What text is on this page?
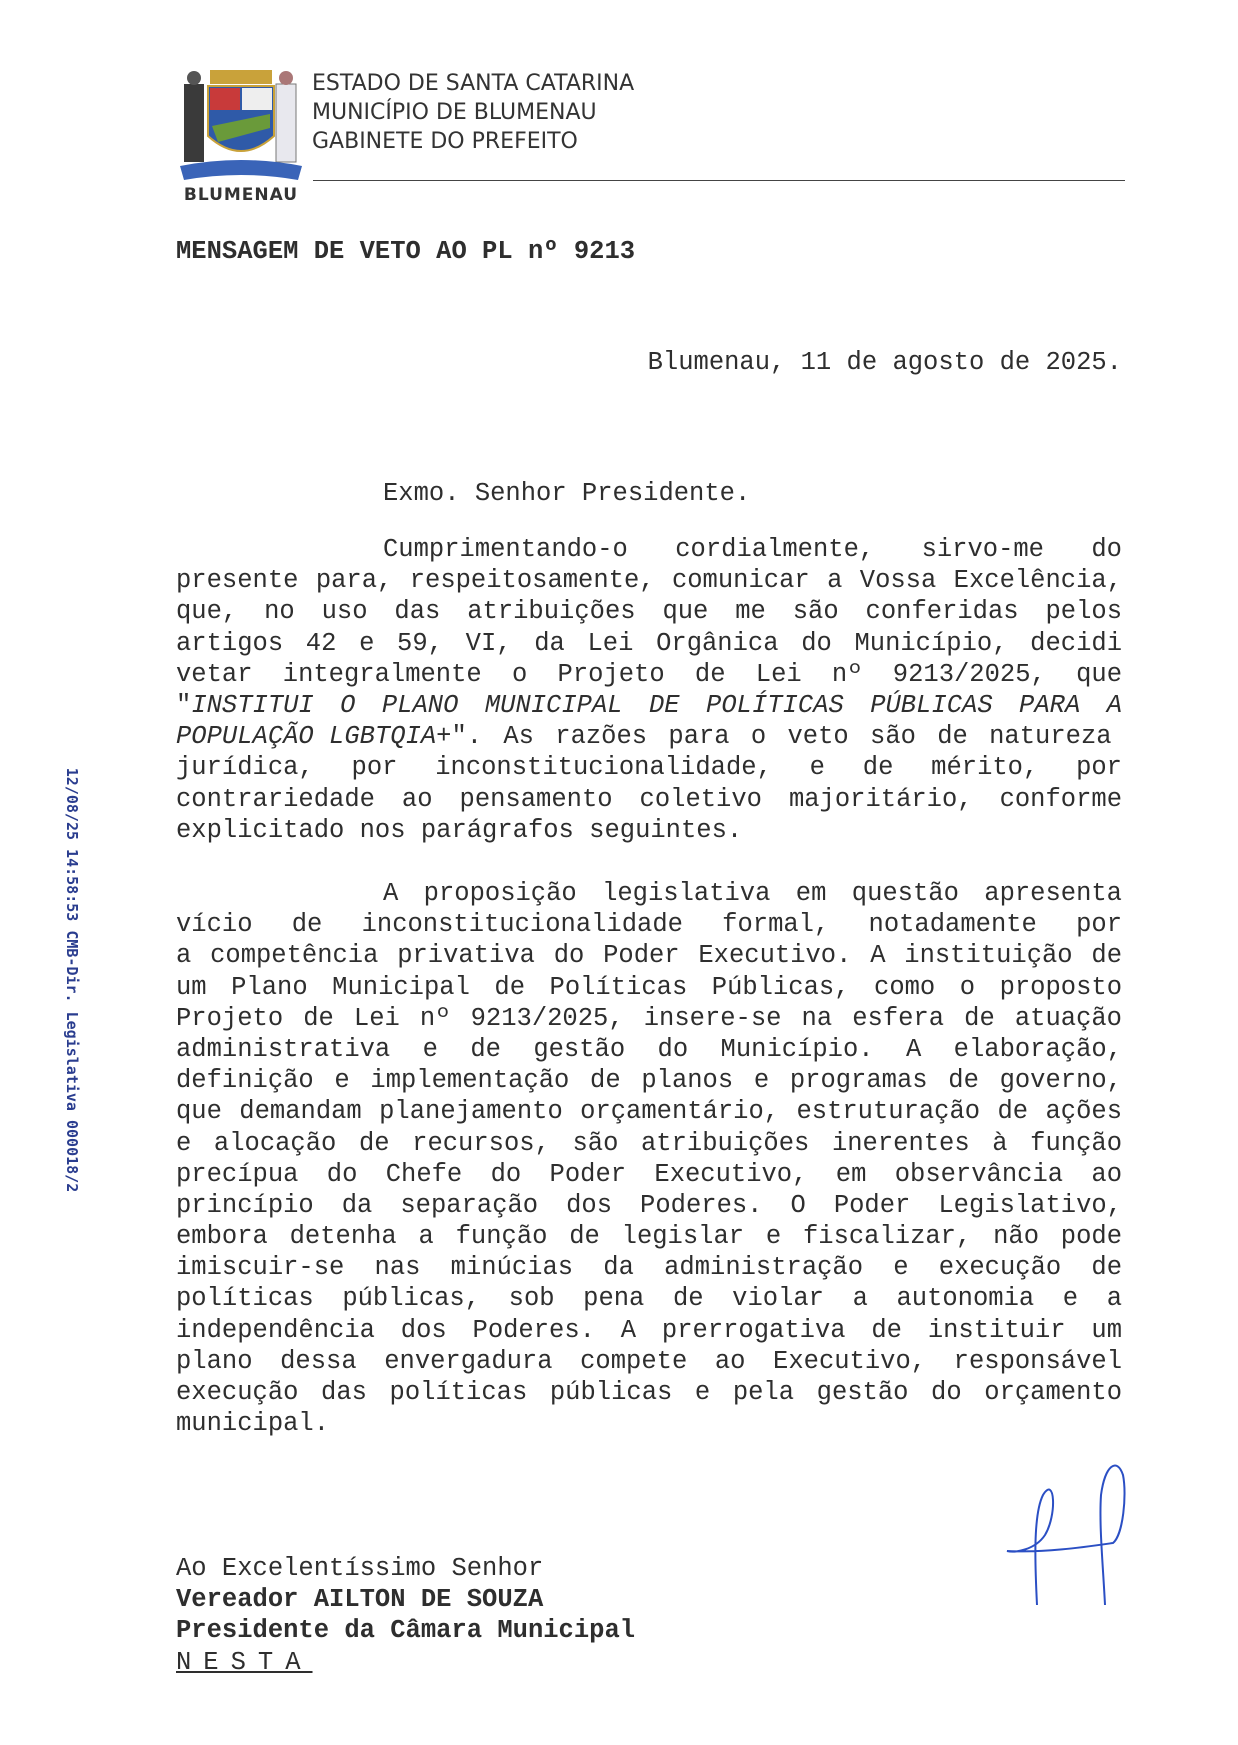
BLUMENAU
ESTADO DE SANTA CATARINA
MUNICÍPIO DE BLUMENAU
GABINETE DO PREFEITO
MENSAGEM DE VETO AO PL nº 9213
Blumenau, 11 de agosto de 2025.
Exmo. Senhor Presidente.
Cumprimentando-o cordialmente, sirvo-me do
presente para, respeitosamente, comunicar a Vossa Excelência,
que, no uso das atribuições que me são conferidas pelos
artigos 42 e 59, VI, da Lei Orgânica do Município, decidi
vetar integralmente o Projeto de Lei nº 9213/2025, que
"INSTITUI O PLANO MUNICIPAL DE POLÍTICAS PÚBLICAS PARA A
POPULAÇÃO LGBTQIA+". As razões para o veto são de natureza
jurídica, por inconstitucionalidade, e de mérito, por
contrariedade ao pensamento coletivo majoritário, conforme
explicitado nos parágrafos seguintes.
A proposição legislativa em questão apresenta
vício de inconstitucionalidade formal, notadamente por
a competência privativa do Poder Executivo. A instituição de
um Plano Municipal de Políticas Públicas, como o proposto
Projeto de Lei nº 9213/2025, insere-se na esfera de atuação
administrativa e de gestão do Município. A elaboração,
definição e implementação de planos e programas de governo,
que demandam planejamento orçamentário, estruturação de ações
e alocação de recursos, são atribuições inerentes à função
precípua do Chefe do Poder Executivo, em observância ao
princípio da separação dos Poderes. O Poder Legislativo,
embora detenha a função de legislar e fiscalizar, não pode
imiscuir-se nas minúcias da administração e execução de
políticas públicas, sob pena de violar a autonomia e a
independência dos Poderes. A prerrogativa de instituir um
plano dessa envergadura compete ao Executivo, responsável
execução das políticas públicas e pela gestão do orçamento
municipal.
Ao Excelentíssimo Senhor
Vereador AILTON DE SOUZA
Presidente da Câmara Municipal
NESTA
12/08/25 14:58:53 CMB-Dir. Legislativa 000018/2
